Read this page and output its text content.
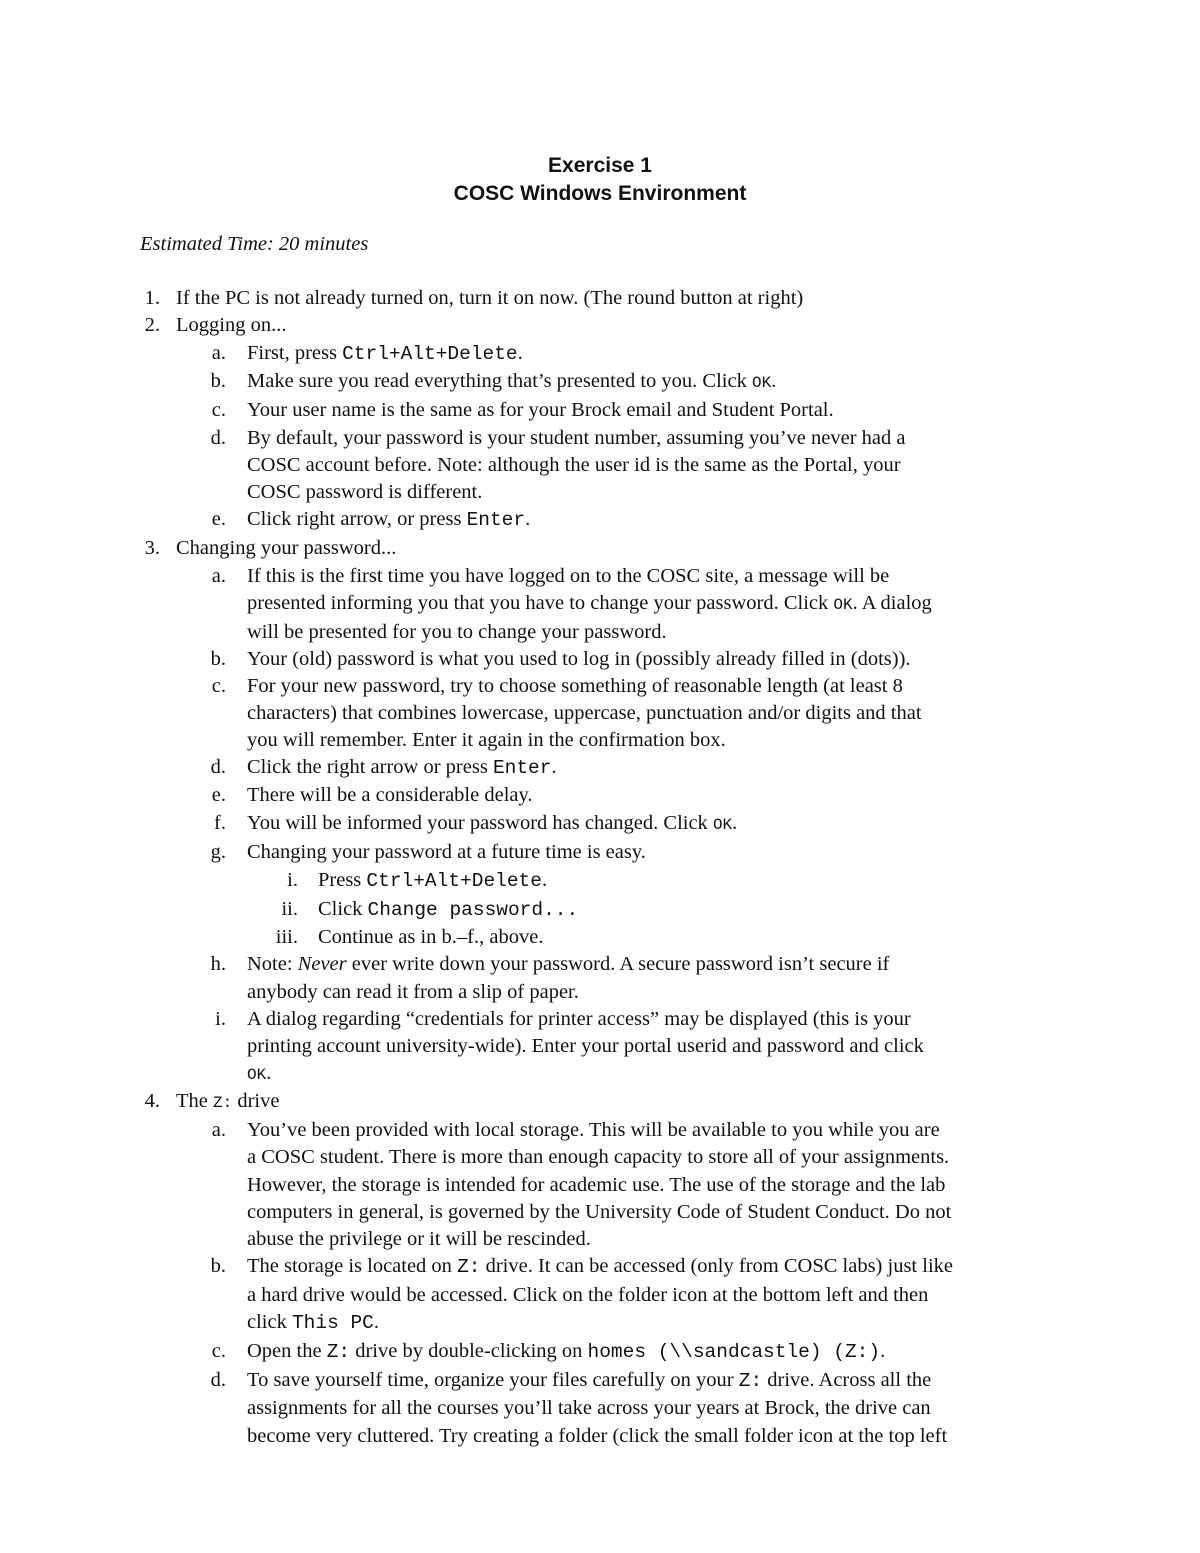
Exercise 1
COSC Windows Environment
Estimated Time: 20 minutes
1. If the PC is not already turned on, turn it on now. (The round button at right)
2. Logging on...
a. First, press Ctrl+Alt+Delete.
b. Make sure you read everything that’s presented to you. Click OK.
c. Your user name is the same as for your Brock email and Student Portal.
d. By default, your password is your student number, assuming you’ve never had a
COSC account before. Note: although the user id is the same as the Portal, your
COSC password is different.
e. Click right arrow, or press Enter.
3. Changing your password...
a. If this is the first time you have logged on to the COSC site, a message will be
presented informing you that you have to change your password. Click OK. A dialog
will be presented for you to change your password.
b. Your (old) password is what you used to log in (possibly already filled in (dots)).
c. For your new password, try to choose something of reasonable length (at least 8
characters) that combines lowercase, uppercase, punctuation and/or digits and that
you will remember. Enter it again in the confirmation box.
d. Click the right arrow or press Enter.
e. There will be a considerable delay.
f. You will be informed your password has changed. Click OK.
g. Changing your password at a future time is easy.
i. Press Ctrl+Alt+Delete.
ii. Click Change password...
iii. Continue as in b.–f., above.
h. Note: Never ever write down your password. A secure password isn’t secure if
anybody can read it from a slip of paper.
i. A dialog regarding “credentials for printer access” may be displayed (this is your
printing account university-wide). Enter your portal userid and password and click
OK.
4. The Z: drive
a. You’ve been provided with local storage. This will be available to you while you are
a COSC student. There is more than enough capacity to store all of your assignments.
However, the storage is intended for academic use. The use of the storage and the lab
computers in general, is governed by the University Code of Student Conduct. Do not
abuse the privilege or it will be rescinded.
b. The storage is located on Z: drive. It can be accessed (only from COSC labs) just like
a hard drive would be accessed. Click on the folder icon at the bottom left and then
click This PC.
c. Open the Z: drive by double-clicking on homes (\\sandcastle) (Z:).
d. To save yourself time, organize your files carefully on your Z: drive. Across all the
assignments for all the courses you’ll take across your years at Brock, the drive can
become very cluttered. Try creating a folder (click the small folder icon at the top left
